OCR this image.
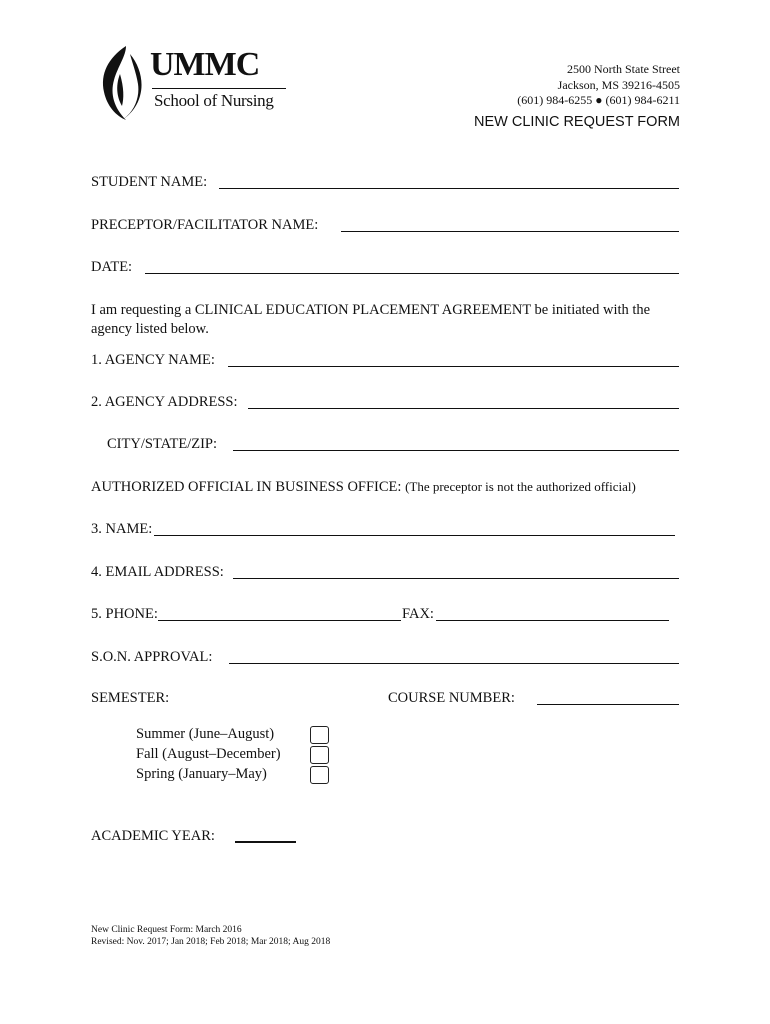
UMMC
School of Nursing
2500 North State Street
Jackson, MS 39216-4505
(601) 984-6255 ● (601) 984-6211
NEW CLINIC REQUEST FORM
STUDENT NAME:
PRECEPTOR/FACILITATOR NAME:
DATE:
I am requesting a CLINICAL EDUCATION PLACEMENT AGREEMENT be initiated with the agency listed below.
1. AGENCY NAME:
2. AGENCY ADDRESS:
CITY/STATE/ZIP:
AUTHORIZED OFFICIAL IN BUSINESS OFFICE: (The preceptor is not the authorized official)
3. NAME:
4. EMAIL ADDRESS:
5. PHONE:	FAX:
S.O.N. APPROVAL:
SEMESTER:	COURSE NUMBER:
Summer (June–August)
Fall (August–December)
Spring (January–May)
ACADEMIC YEAR:
New Clinic Request Form: March 2016
Revised: Nov. 2017; Jan 2018; Feb 2018; Mar 2018; Aug 2018
